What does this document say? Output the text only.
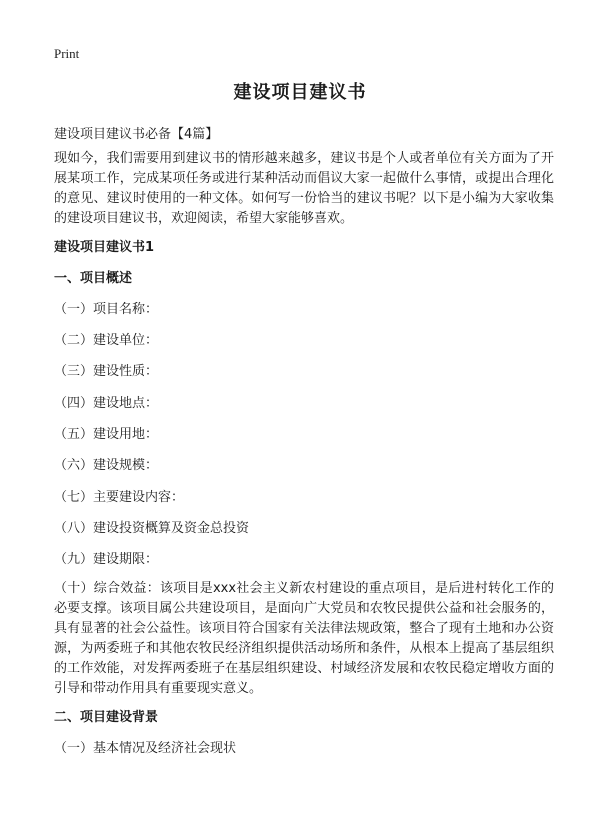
Print
建设项目建议书
建设项目建议书必备【4篇】

现如今，我们需要用到建议书的情形越来越多，建议书是个人或者单位有关方面为了开展某项工作，完成某项任务或进行某种活动而倡议大家一起做什么事情，或提出合理化的意见、建议时使用的一种文体。如何写一份恰当的建议书呢？以下是小编为大家收集的建设项目建议书，欢迎阅读，希望大家能够喜欢。

建设项目建议书1
一、项目概述
（一）项目名称：
（二）建设单位：
（三）建设性质：
（四）建设地点：
（五）建设用地：
（六）建设规模：
（七）主要建设内容：
（八）建设投资概算及资金总投资
（九）建设期限：

（十）综合效益：该项目是xxx社会主义新农村建设的重点项目，是后进村转化工作的必要支撑。该项目属公共建设项目，是面向广大党员和农牧民提供公益和社会服务的，具有显著的社会公益性。该项目符合国家有关法律法规政策，整合了现有土地和办公资源，为两委班子和其他农牧民经济组织提供活动场所和条件，从根本上提高了基层组织的工作效能，对发挥两委班子在基层组织建设、村域经济发展和农牧民稳定增收方面的引导和带动作用具有重要现实意义。

二、项目建设背景
（一）基本情况及经济社会现状
